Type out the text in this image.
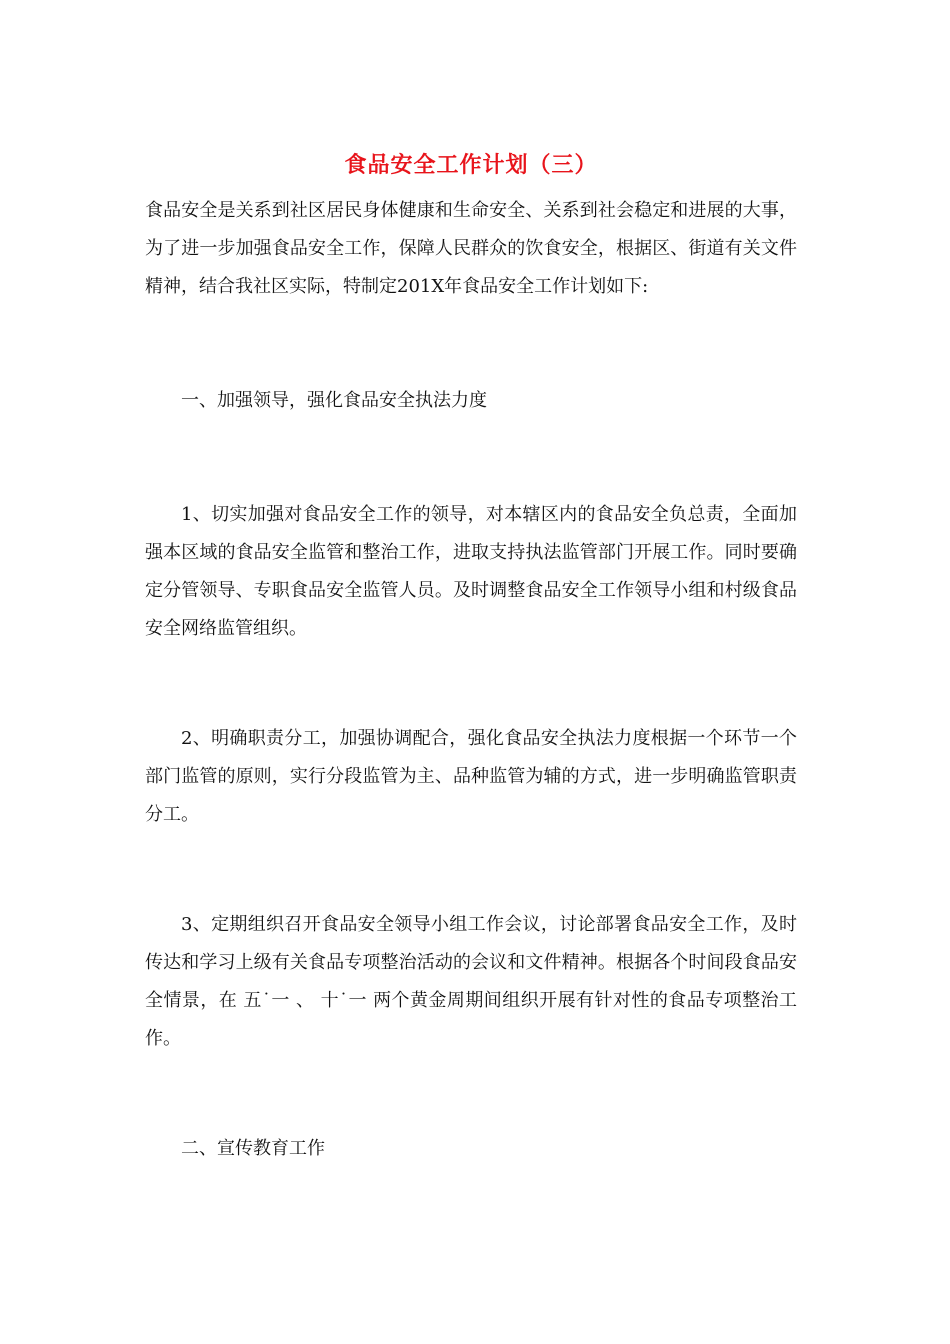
食品安全工作计划（三）

食品安全是关系到社区居民身体健康和生命安全、关系到社会稳定和进展的大事，为了进一步加强食品安全工作，保障人民群众的饮食安全，根据区、街道有关文件精神，结合我社区实际，特制定201X年食品安全工作计划如下:

一、加强领导，强化食品安全执法力度

1、切实加强对食品安全工作的领导，对本辖区内的食品安全负总责，全面加强本区域的食品安全监管和整治工作，进取支持执法监管部门开展工作。同时要确定分管领导、专职食品安全监管人员。及时调整食品安全工作领导小组和村级食品安全网络监管组织。

2、明确职责分工，加强协调配合，强化食品安全执法力度根据一个环节一个部门监管的原则，实行分段监管为主、品种监管为辅的方式，进一步明确监管职责分工。

3、定期组织召开食品安全领导小组工作会议，讨论部署食品安全工作，及时传达和学习上级有关食品专项整治活动的会议和文件精神。根据各个时间段食品安全情景，在 五˙一 、 十˙一 两个黄金周期间组织开展有针对性的食品专项整治工作。

二、宣传教育工作
